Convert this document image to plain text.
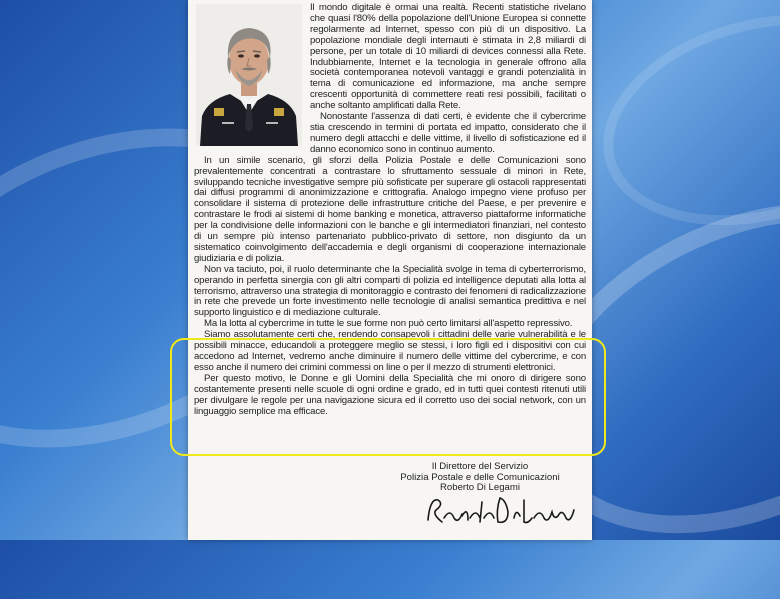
Il mondo digitale è ormai una realtà. Recenti statistiche rivelano che quasi l'80% della popolazione dell'Unione Europea si connette regolarmente ad Internet, spesso con più di un dispositivo. La popolazione mondiale degli internauti è stimata in 2,8 miliardi di persone, per un totale di 10 miliardi di devices connessi alla Rete. Indubbiamente, Internet e la tecnologia in generale offrono alla società contemporanea notevoli vantaggi e grandi potenzialità in tema di comunicazione ed informazione, ma anche sempre crescenti opportunità di commettere reati resi possibili, facilitati o anche soltanto amplificati dalla Rete.

Nonostante l'assenza di dati certi, è evidente che il cybercrime stia crescendo in termini di portata ed impatto, considerato che il numero degli attacchi e delle vittime, il livello di sofisticazione ed il danno economico sono in continuo aumento.

In un simile scenario, gli sforzi della Polizia Postale e delle Comunicazioni sono prevalentemente concentrati a contrastare lo sfruttamento sessuale di minori in Rete, sviluppando tecniche investigative sempre più sofisticate per superare gli ostacoli rappresentati dai diffusi programmi di anonimizzazione e crittografia. Analogo impegno viene profuso per consolidare il sistema di protezione delle infrastrutture critiche del Paese, e per prevenire e contrastare le frodi ai sistemi di home banking e monetica, attraverso piattaforme informatiche per la condivisione delle informazioni con le banche e gli intermediatori finanziari, nel contesto di un sempre più intenso partenariato pubblico-privato di settore, non disgiunto da un sistematico coinvolgimento dell'accademia e degli organismi di cooperazione internazionale giudiziaria e di polizia.

Non va taciuto, poi, il ruolo determinante che la Specialità svolge in tema di cyberterrorismo, operando in perfetta sinergia con gli altri comparti di polizia ed intelligence deputati alla lotta al terrorismo, attraverso una strategia di monitoraggio e contrasto dei fenomeni di radicalizzazione in rete che prevede un forte investimento nelle tecnologie di analisi semantica predittiva e nel supporto linguistico e di mediazione culturale.

Ma la lotta al cybercrime in tutte le sue forme non può certo limitarsi all'aspetto repressivo.

Siamo assolutamente certi che, rendendo consapevoli i cittadini delle varie vulnerabilità e le possibili minacce, educandoli a proteggere meglio se stessi, i loro figli ed i dispositivi con cui accedono ad Internet, vedremo anche diminuire il numero delle vittime del cybercrime, e con esso anche il numero dei crimini commessi on line o per il mezzo di strumenti elettronici.

Per questo motivo, le Donne e gli Uomini della Specialità che mi onoro di dirigere sono costantemente presenti nelle scuole di ogni ordine e grado, ed in tutti quei contesti ritenuti utili per divulgare le regole per una navigazione sicura ed il corretto uso dei social network, con un linguaggio semplice ma efficace.

Il Direttore del Servizio
Polizia Postale e delle Comunicazioni
Roberto Di Legami
